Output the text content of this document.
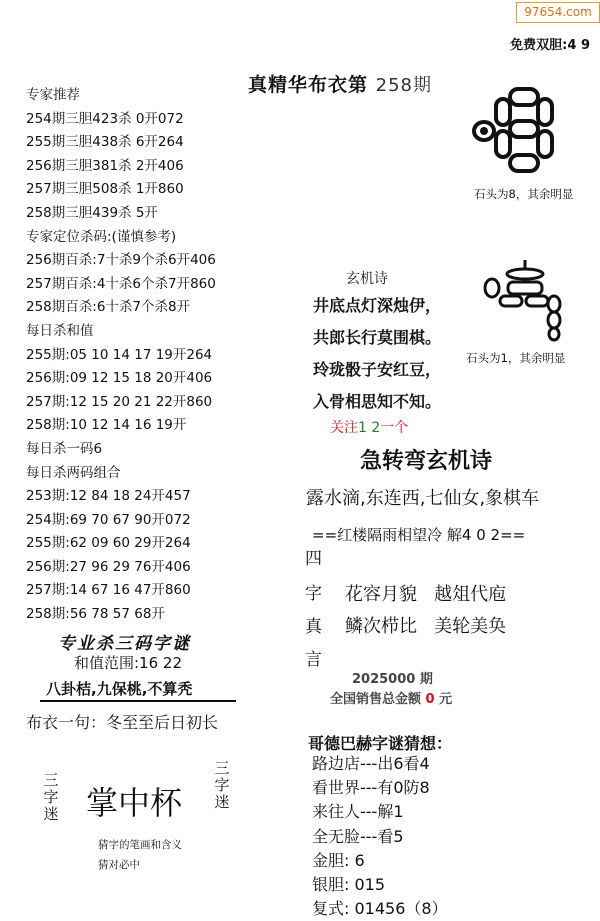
97654.com
免费双胆:4 9
真精华布衣第 258期
专家推荐
254期三胆423杀 0开072
255期三胆438杀 6开264
256期三胆381杀 2开406
257期三胆508杀 1开860
258期三胆439杀 5开
专家定位杀码:(谨慎参考)
256期百杀:7十杀9个杀6开406
257期百杀:4十杀6个杀7开860
258期百杀:6十杀7个杀8开
每日杀和值
255期:05 10 14 17 19开264
256期:09 12 15 18 20开406
257期:12 15 20 21 22开860
258期:10 12 14 16 19开
每日杀一码6
每日杀两码组合
253期:12 84 18 24开457
254期:69 70 67 90开072
255期:62 09 60 29开264
256期:27 96 29 76开406
257期:14 67 16 47开860
258期:56 78 57 68开
石头为8，其余明显
石头为1，其余明显
玄机诗
井底点灯深烛伊，
共郎长行莫围棋。
玲珑骰子安红豆，
入骨相思知不知。
关注1 2一个
急转弯玄机诗
露水滴,东连西,七仙女,象棋车
==红楼隔雨相望冷 解4 0 2==
四
字
真
言
花容月貌 越俎代庖
鳞次栉比 美轮美奂
2025000 期
全国销售总金额 0 元
哥德巴赫字谜猜想：
路边店---出6看4
看世界---有0防8
来往人---解1
全无脸---看5
金胆: 6
银胆: 015
复式: 01456（8）
专业杀三码字谜
和值范围:16 22
八卦桔,九保桃,不算秃
布衣一句：冬至至后日初长
三字迷
三字迷
掌中杯
猜字的笔画和含义
猜对必中
